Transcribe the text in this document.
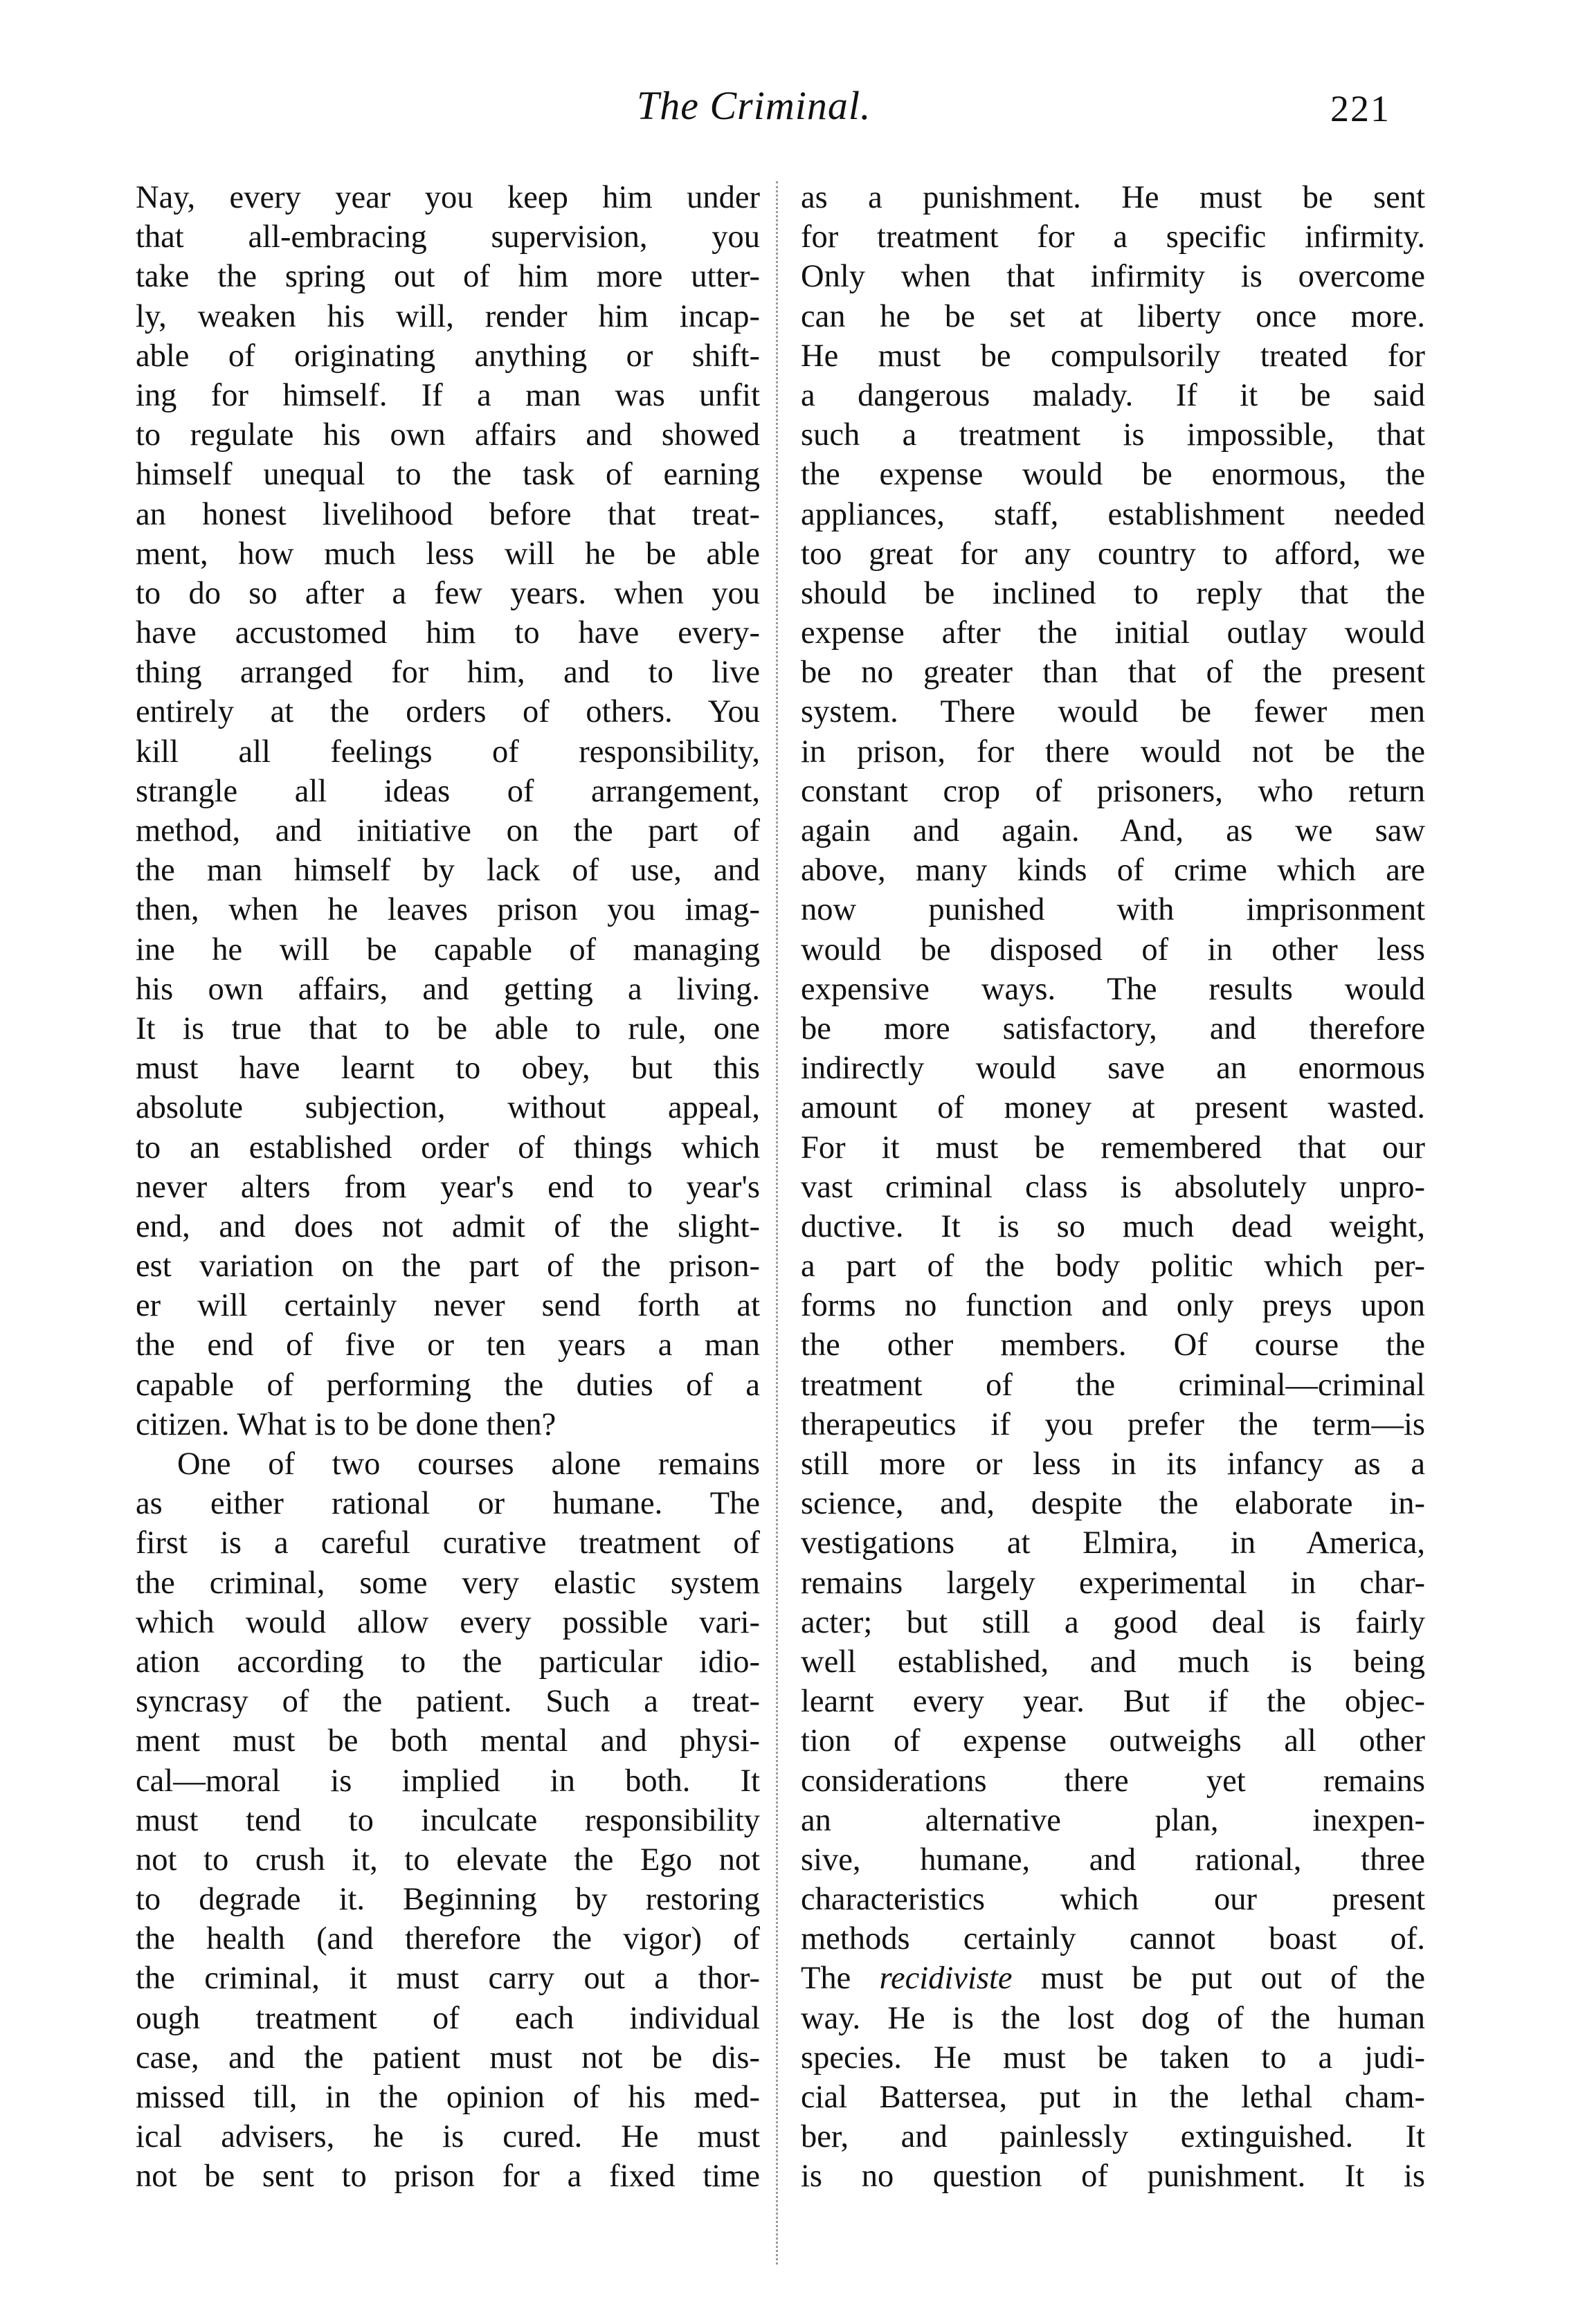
The Criminal.	221
Nay, every year you keep him under
that all-embracing supervision, you
take the spring out of him more utter-
ly, weaken his will, render him incap-
able of originating anything or shift-
ing for himself. If a man was unfit
to regulate his own affairs and showed
himself unequal to the task of earning
an honest livelihood before that treat-
ment, how much less will he be able
to do so after a few years. when you
have accustomed him to have every-
thing arranged for him, and to live
entirely at the orders of others. You
kill all feelings of responsibility,
strangle all ideas of arrangement,
method, and initiative on the part of
the man himself by lack of use, and
then, when he leaves prison you imag-
ine he will be capable of managing
his own affairs, and getting a living.
It is true that to be able to rule, one
must have learnt to obey, but this
absolute subjection, without appeal,
to an established order of things which
never alters from year's end to year's
end, and does not admit of the slight-
est variation on the part of the prison-
er will certainly never send forth at
the end of five or ten years a man
capable of performing the duties of a
citizen. What is to be done then?
One of two courses alone remains
as either rational or humane. The
first is a careful curative treatment of
the criminal, some very elastic system
which would allow every possible vari-
ation according to the particular idio-
syncrasy of the patient. Such a treat-
ment must be both mental and physi-
cal—moral is implied in both. It
must tend to inculcate responsibility
not to crush it, to elevate the Ego not
to degrade it. Beginning by restoring
the health (and therefore the vigor) of
the criminal, it must carry out a thor-
ough treatment of each individual
case, and the patient must not be dis-
missed till, in the opinion of his med-
ical advisers, he is cured. He must
not be sent to prison for a fixed time
as a punishment. He must be sent
for treatment for a specific infirmity.
Only when that infirmity is overcome
can he be set at liberty once more.
He must be compulsorily treated for
a dangerous malady. If it be said
such a treatment is impossible, that
the expense would be enormous, the
appliances, staff, establishment needed
too great for any country to afford, we
should be inclined to reply that the
expense after the initial outlay would
be no greater than that of the present
system. There would be fewer men
in prison, for there would not be the
constant crop of prisoners, who return
again and again. And, as we saw
above, many kinds of crime which are
now punished with imprisonment
would be disposed of in other less
expensive ways. The results would
be more satisfactory, and therefore
indirectly would save an enormous
amount of money at present wasted.
For it must be remembered that our
vast criminal class is absolutely unpro-
ductive. It is so much dead weight,
a part of the body politic which per-
forms no function and only preys upon
the other members. Of course the
treatment of the criminal—criminal
therapeutics if you prefer the term—is
still more or less in its infancy as a
science, and, despite the elaborate in-
vestigations at Elmira, in America,
remains largely experimental in char-
acter; but still a good deal is fairly
well established, and much is being
learnt every year. But if the objec-
tion of expense outweighs all other
considerations there yet remains
an alternative plan, inexpen-
sive, humane, and rational, three
characteristics which our present
methods certainly cannot boast of.
The recidiviste must be put out of the
way. He is the lost dog of the human
species. He must be taken to a judi-
cial Battersea, put in the lethal cham-
ber, and painlessly extinguished. It
is no question of punishment. It is
